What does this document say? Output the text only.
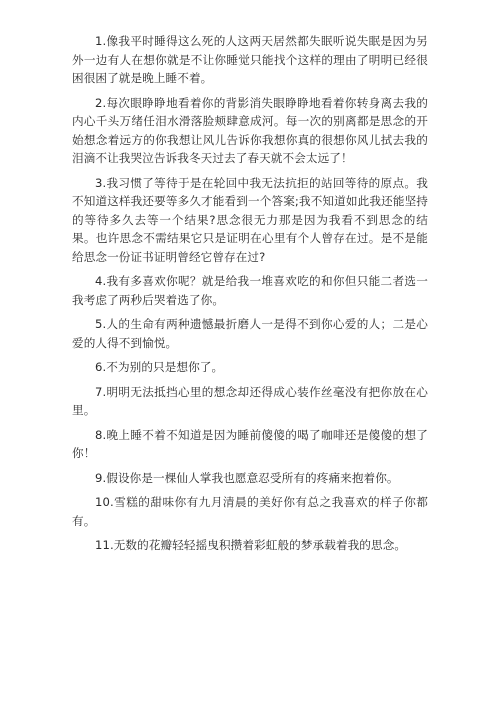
1.像我平时睡得这么死的人这两天居然都失眠听说失眠是因为另外一边有人在想你就是不让你睡觉只能找个这样的理由了明明已经很困很困了就是晚上睡不着。

2.每次眼睁睁地看着你的背影消失眼睁睁地看着你转身离去我的内心千头万绪任泪水滑落脸颊肆意成河。每一次的别离都是思念的开始想念着远方的你我想让风儿告诉你我想你真的很想你风儿拭去我的泪滴不让我哭泣告诉我冬天过去了春天就不会太远了！

3.我习惯了等待于是在轮回中我无法抗拒的站回等待的原点。我不知道这样我还要等多久才能看到一个答案;我不知道如此我还能坚持的等待多久去等一个结果?思念很无力那是因为我看不到思念的结果。也许思念不需结果它只是证明在心里有个人曾存在过。是不是能给思念一份证书证明曾经它曾存在过?

4.我有多喜欢你呢？就是给我一堆喜欢吃的和你但只能二者选一我考虑了两秒后哭着选了你。

5.人的生命有两种遗憾最折磨人一是得不到你心爱的人；二是心爱的人得不到愉悦。

6.不为别的只是想你了。

7.明明无法抵挡心里的想念却还得成心装作丝毫没有把你放在心里。

8.晚上睡不着不知道是因为睡前傻傻的喝了咖啡还是傻傻的想了你！

9.假设你是一棵仙人掌我也愿意忍受所有的疼痛来抱着你。

10.雪糕的甜味你有九月清晨的美好你有总之我喜欢的样子你都有。

11.无数的花瓣轻轻摇曳积攒着彩虹般的梦承载着我的思念。
